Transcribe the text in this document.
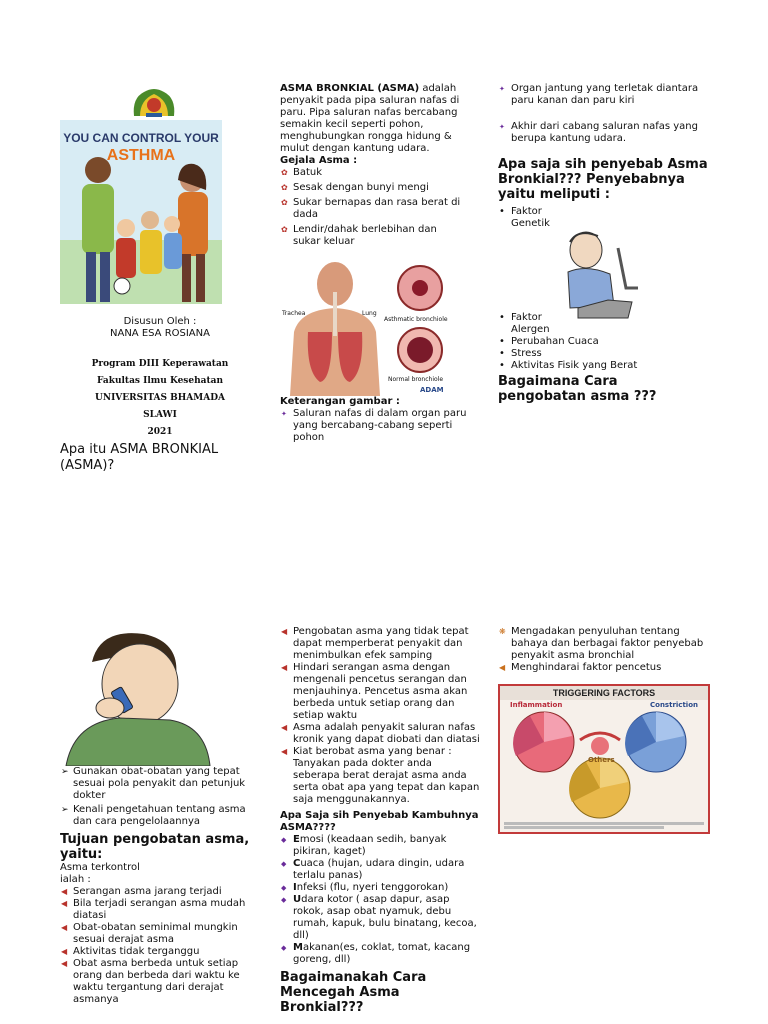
YOU CAN CONTROL YOUR
ASTHMA

Disusun Oleh :

NANA ESA ROSIANA

Program DIII Keperawatan

Fakultas Ilmu Kesehatan

UNIVERSITAS BHAMADA

SLAWI

2021

Apa itu ASMA BRONKIAL (ASMA)?

ASMA BRONKIAL (ASMA) adalah penyakit pada pipa saluran nafas di paru. Pipa saluran nafas bercabang semakin kecil seperti pohon, menghubungkan rongga hidung & mulut dengan kantung udara.

Gejala Asma :

✿ Batuk
✿ Sesak dengan bunyi mengi
✿ Sukar bernapas dan rasa berat di dada
✿ Lendir/dahak berlebihan dan sukar keluar
Trachea	Lung
Asthmatic bronchiole
Normal bronchiole
ADAM

Keterangan gambar :

✦ Saluran nafas di dalam organ paru yang bercabang-cabang seperti pohon
✦ Organ jantung yang terletak diantara paru kanan dan paru kiri
✦ Akhir dari cabang saluran nafas yang berupa kantung udara.

Apa saja sih penyebab Asma Bronkial??? Penyebabnya yaitu meliputi :

• Faktor Genetik
• Faktor Alergen
• Perubahan Cuaca
• Stress
• Aktivitas Fisik yang Berat

Bagaimana Cara pengobatan asma ???

➢ Gunakan obat-obatan yang tepat sesuai pola penyakit dan petunjuk dokter
➢ Kenali pengetahuan tentang asma dan cara pengelolaannya

Tujuan pengobatan asma, yaitu:

Asma terkontrol ialah :

◀ Serangan asma jarang terjadi
◀ Bila terjadi serangan asma mudah diatasi
◀ Obat-obatan seminimal mungkin sesuai derajat asma
◀ Aktivitas tidak terganggu
◀ Obat asma berbeda untuk setiap orang dan berbeda dari waktu ke waktu tergantung dari derajat asmanya
◀ Pengobatan asma yang tidak tepat dapat memperberat penyakit dan menimbulkan efek samping
◀ Hindari serangan asma dengan mengenali pencetus serangan dan menjauhinya. Pencetus asma akan berbeda untuk setiap orang dan setiap waktu
◀ Asma adalah penyakit saluran nafas kronik yang dapat diobati dan diatasi
◀ Kiat berobat asma yang benar : Tanyakan pada dokter anda seberapa berat derajat asma anda serta obat apa yang tepat dan kapan saja menggunakannya.

Apa Saja sih Penyebab Kambuhnya ASMA????

◆ Emosi (keadaan sedih, banyak pikiran, kaget)
◆ Cuaca (hujan, udara dingin, udara terlalu panas)
◆ Infeksi (flu, nyeri tenggorokan)
◆ Udara kotor ( asap dapur, asap rokok, asap obat nyamuk, debu rumah, kapuk, bulu binatang, kecoa, dll)
◆ Makanan(es, coklat, tomat, kacang goreng, dll)

Bagaimanakah Cara Mencegah Asma Bronkial???

❋ Mengadakan penyuluhan tentang bahaya dan berbagai faktor penyebab penyakit asma bronchial
◀ Menghindarai faktor pencetus
TRIGGERING FACTORS
Inflammation	Constriction
Others
